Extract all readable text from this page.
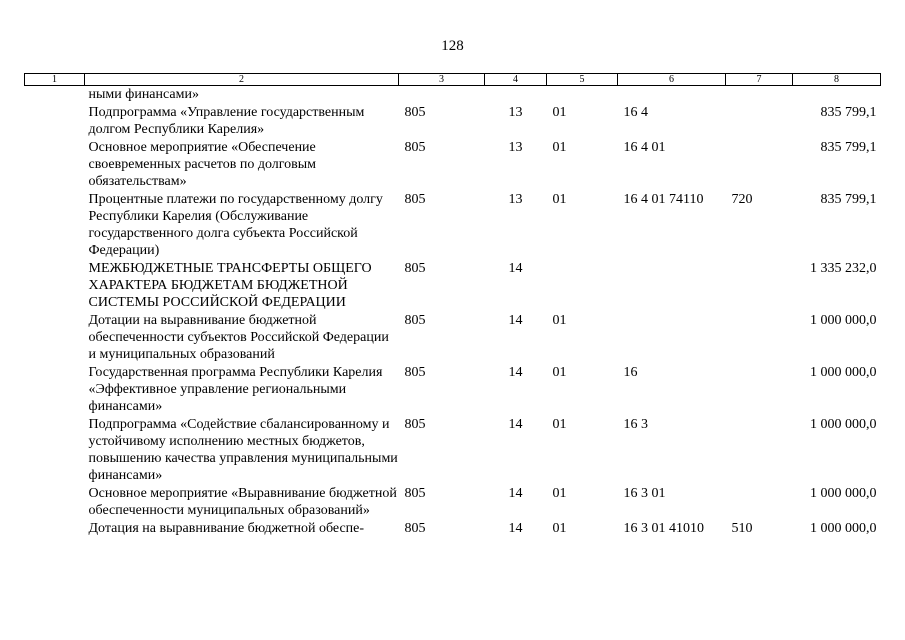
128
1	2	3	4	5	6	7	8
	ными финансами»						
	Подпрограмма «Управление государственным долгом Республики Карелия»	805	13	01	16 4		835 799,1
	Основное мероприятие «Обеспечение своевременных расчетов по долговым обязательствам»	805	13	01	16 4 01		835 799,1
	Процентные платежи по государственному долгу Республики Карелия (Обслуживание государственного долга субъекта Российской Федерации)	805	13	01	16 4 01 74110	720	835 799,1
	МЕЖБЮДЖЕТНЫЕ ТРАНСФЕРТЫ ОБЩЕГО ХАРАКТЕРА БЮДЖЕТАМ БЮДЖЕТНОЙ СИСТЕМЫ РОССИЙСКОЙ ФЕДЕРАЦИИ	805	14				1 335 232,0
	Дотации на выравнивание бюджетной обеспеченности субъектов Российской Федерации и муниципальных образований	805	14	01			1 000 000,0
	Государственная программа Республики Карелия «Эффективное управление региональными финансами»	805	14	01	16		1 000 000,0
	Подпрограмма «Содействие сбалансированному и устойчивому исполнению местных бюджетов, повышению качества управления муниципальными финансами»	805	14	01	16 3		1 000 000,0
	Основное мероприятие «Выравнивание бюджетной обеспеченности муниципальных образований»	805	14	01	16 3 01		1 000 000,0
	Дотация на выравнивание бюджетной обеспе-	805	14	01	16 3 01 41010	510	1 000 000,0
